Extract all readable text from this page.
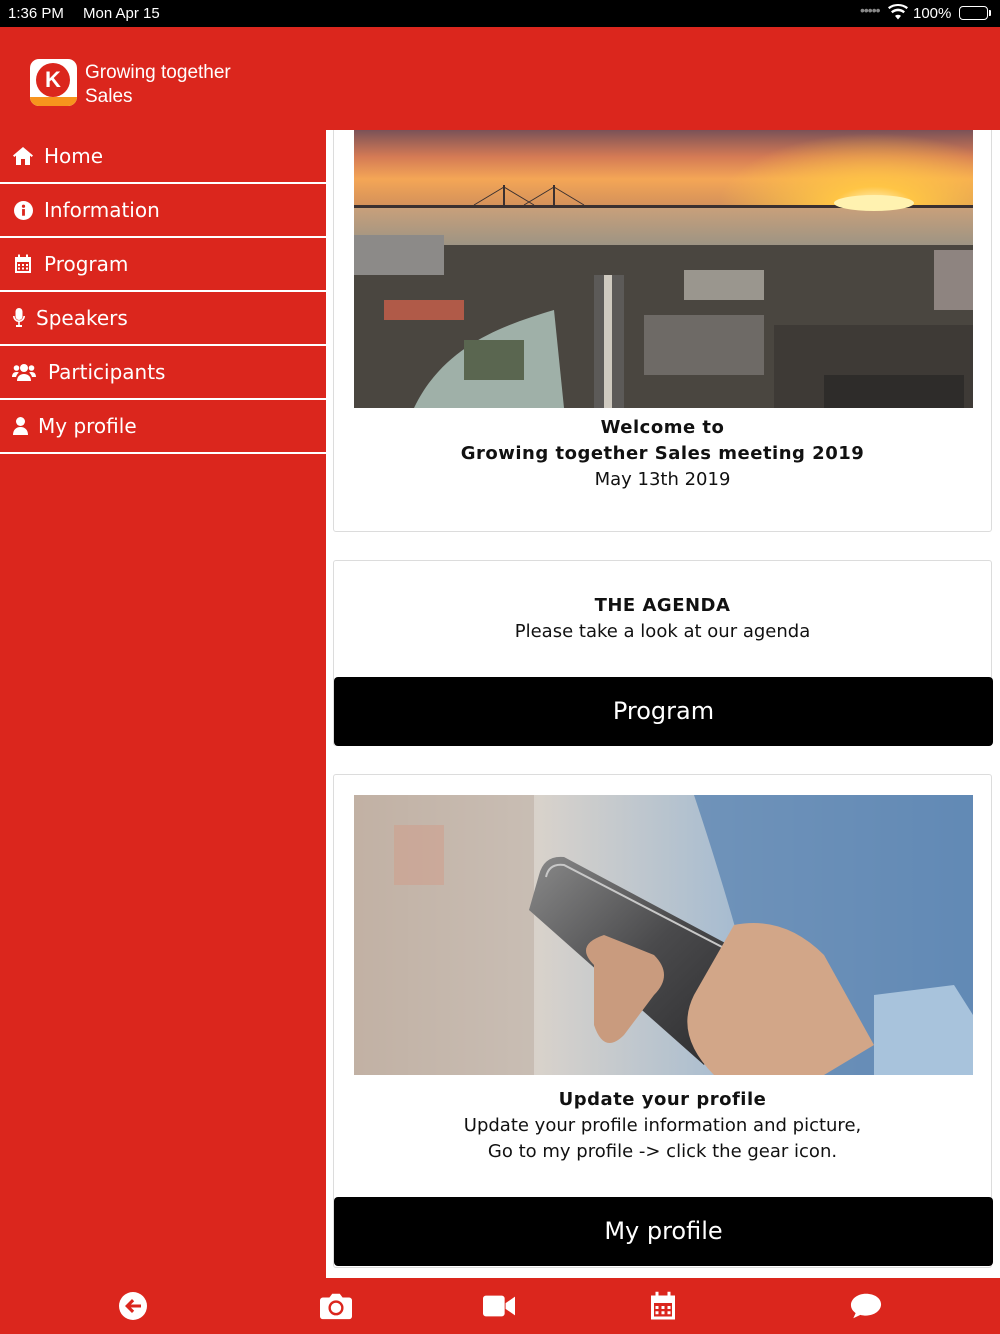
1:36 PM Mon Apr 15	••••• 100%
K	Growing together
Sales
Home
Information
Program
Speakers
Participants
My profile	Welcome to
Growing together Sales meeting 2019
May 13th 2019
THE AGENDA
Please take a look at our agenda
Program
Update your profile
Update your profile information and picture,
Go to my profile -> click the gear icon.
My profile
